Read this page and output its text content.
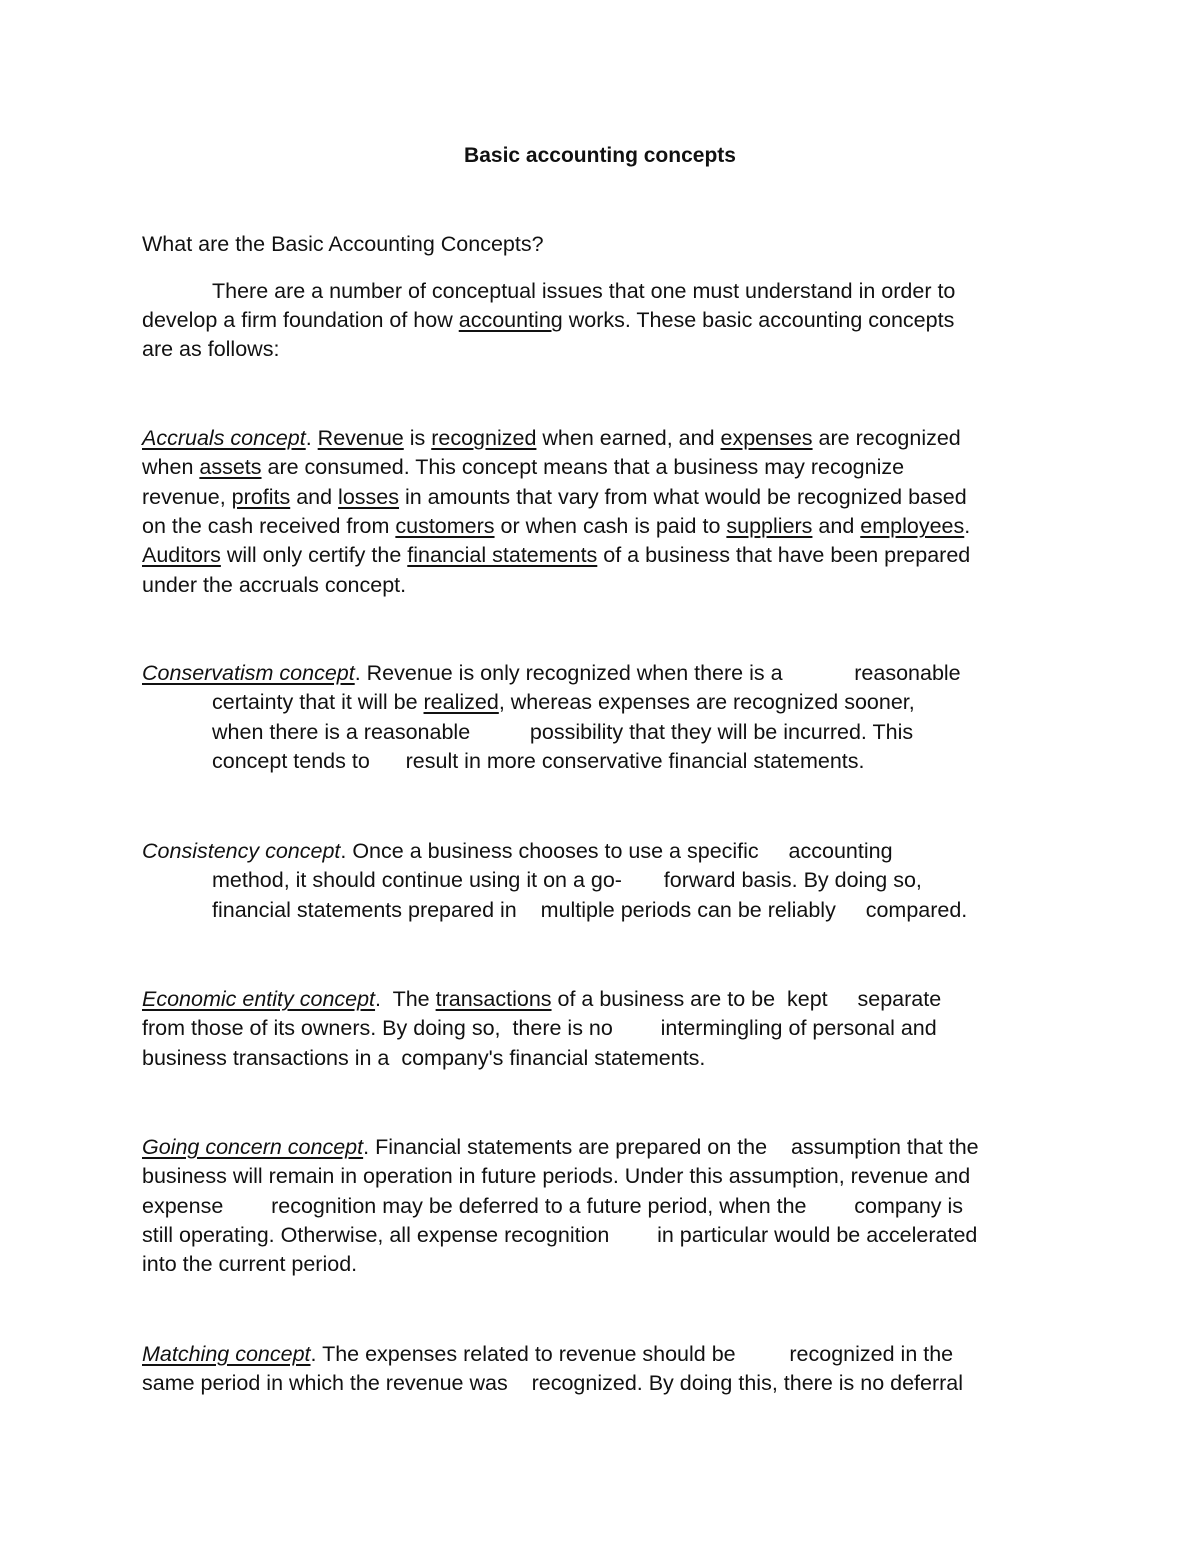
Basic accounting concepts
What are the Basic Accounting Concepts?
There are a number of conceptual issues that one must understand in order to
develop a firm foundation of how accounting works. These basic accounting concepts
are as follows:
Accruals concept. Revenue is recognized when earned, and expenses are recognized
when assets are consumed. This concept means that a business may recognize
revenue, profits and losses in amounts that vary from what would be recognized based
on the cash received from customers or when cash is paid to suppliers and employees.
Auditors will only certify the financial statements of a business that have been prepared
under the accruals concept.
Conservatism concept. Revenue is only recognized when there is a            reasonable
certainty that it will be realized, whereas expenses are recognized sooner,
when there is a reasonable          possibility that they will be incurred. This
concept tends to      result in more conservative financial statements.
Consistency concept. Once a business chooses to use a specific     accounting
method, it should continue using it on a go-       forward basis. By doing so,
financial statements prepared in    multiple periods can be reliably     compared.
Economic entity concept.  The transactions of a business are to be  kept     separate
from those of its owners. By doing so,  there is no        intermingling of personal and
business transactions in a  company's financial statements.
Going concern concept. Financial statements are prepared on the    assumption that the
business will remain in operation in future periods. Under this assumption, revenue and
expense        recognition may be deferred to a future period, when the        company is
still operating. Otherwise, all expense recognition        in particular would be accelerated
into the current period.
Matching concept. The expenses related to revenue should be         recognized in the
same period in which the revenue was    recognized. By doing this, there is no deferral
